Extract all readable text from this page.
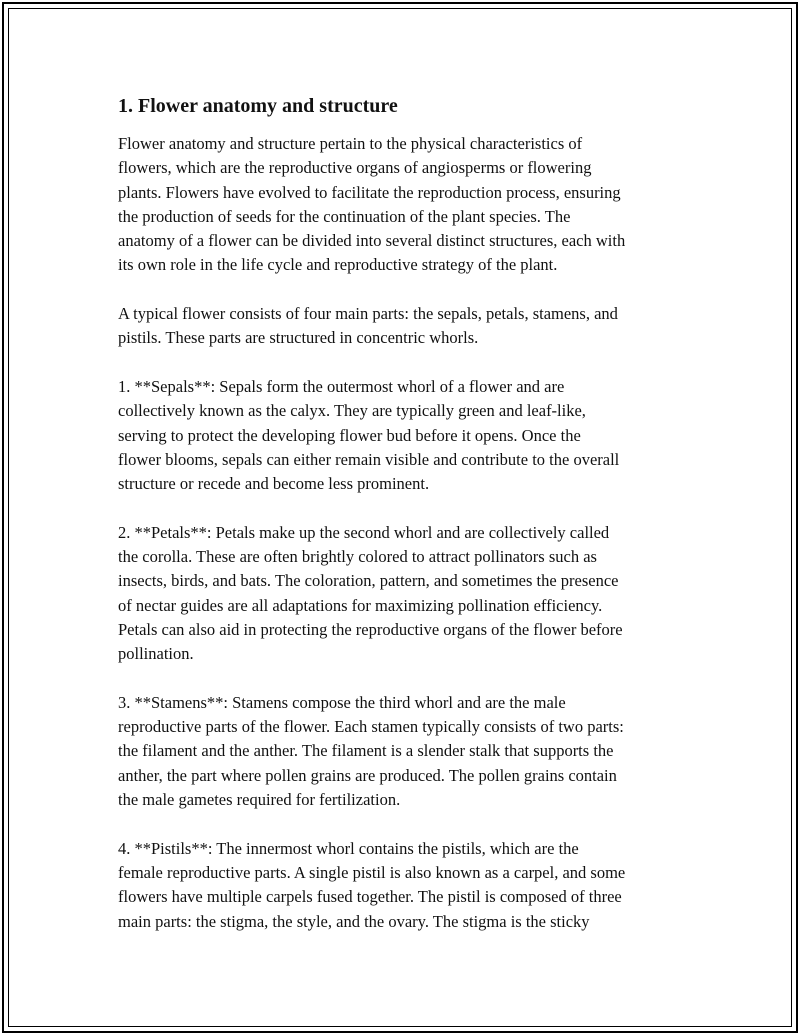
1. Flower anatomy and structure

Flower anatomy and structure pertain to the physical characteristics of
flowers, which are the reproductive organs of angiosperms or flowering
plants. Flowers have evolved to facilitate the reproduction process, ensuring
the production of seeds for the continuation of the plant species. The
anatomy of a flower can be divided into several distinct structures, each with
its own role in the life cycle and reproductive strategy of the plant.

A typical flower consists of four main parts: the sepals, petals, stamens, and
pistils. These parts are structured in concentric whorls.

1. **Sepals**: Sepals form the outermost whorl of a flower and are
collectively known as the calyx. They are typically green and leaf-like,
serving to protect the developing flower bud before it opens. Once the
flower blooms, sepals can either remain visible and contribute to the overall
structure or recede and become less prominent.

2. **Petals**: Petals make up the second whorl and are collectively called
the corolla. These are often brightly colored to attract pollinators such as
insects, birds, and bats. The coloration, pattern, and sometimes the presence
of nectar guides are all adaptations for maximizing pollination efficiency.
Petals can also aid in protecting the reproductive organs of the flower before
pollination.

3. **Stamens**: Stamens compose the third whorl and are the male
reproductive parts of the flower. Each stamen typically consists of two parts:
the filament and the anther. The filament is a slender stalk that supports the
anther, the part where pollen grains are produced. The pollen grains contain
the male gametes required for fertilization.

4. **Pistils**: The innermost whorl contains the pistils, which are the
female reproductive parts. A single pistil is also known as a carpel, and some
flowers have multiple carpels fused together. The pistil is composed of three
main parts: the stigma, the style, and the ovary. The stigma is the sticky
